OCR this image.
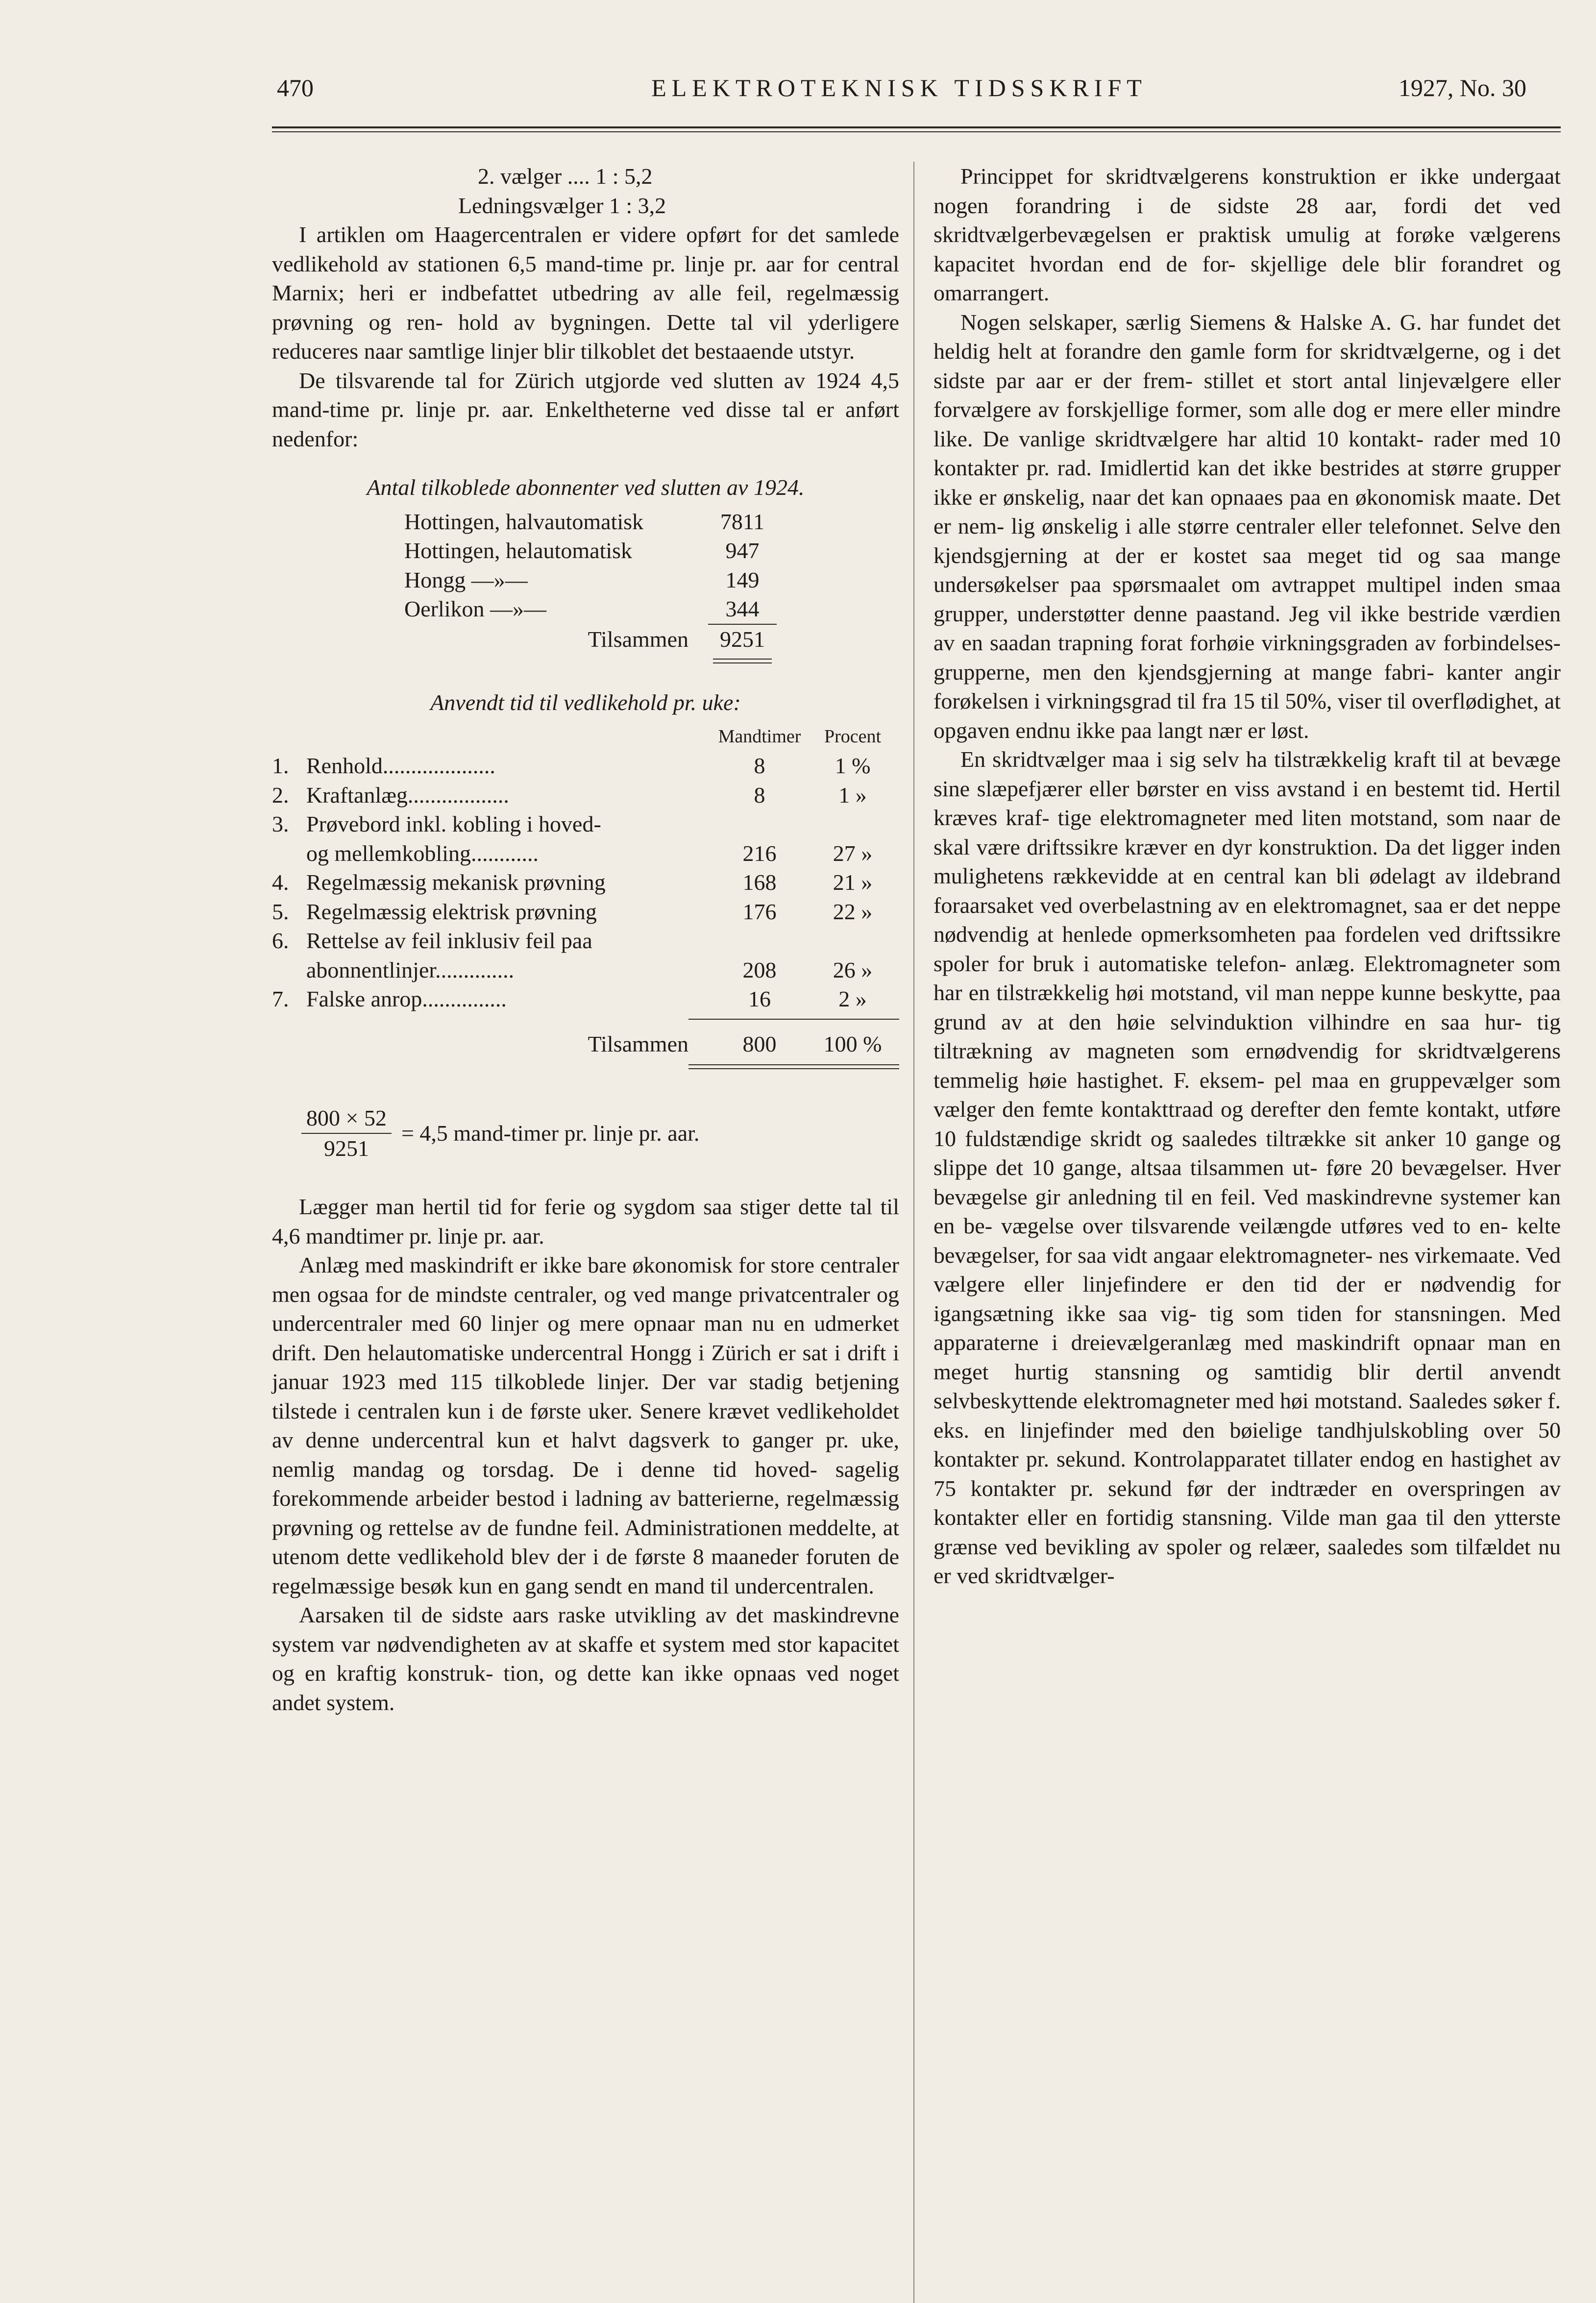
470	ELEKTROTEKNISK TIDSSKRIFT	1927, No. 30
2. vælger .... 1 : 5,2
Ledningsvælger 1 : 3,2

I artiklen om Haagercentralen er videre opført for det samlede vedlikehold av stationen 6,5 mand-time pr. linje pr. aar for central Marnix; heri er indbefattet utbedring av alle feil, regelmæssig prøvning og ren- hold av bygningen. Dette tal vil yderligere reduceres naar samtlige linjer blir tilkoblet det bestaaende utstyr.

De tilsvarende tal for Zürich utgjorde ved slutten av 1924 4,5 mand-time pr. linje pr. aar. Enkeltheterne ved disse tal er anført nedenfor:

Antal tilkoblede abonnenter ved slutten av 1924.
Hottingen, halvautomatisk	7811
Hottingen, helautomatisk	947
Hongg —»—	149
Oerlikon —»—	344
Tilsammen	9251
Anvendt tid til vedlikehold pr. uke:
Mandtimer	Procent
1. Renhold....................	8	1 %
2. Kraftanlæg..................	8	1 »
3. Prøvebord inkl. kobling i hoved-
og mellemkobling............	216	27 »
4. Regelmæssig mekanisk prøvning	168	21 »
5. Regelmæssig elektrisk prøvning	176	22 »
6. Rettelse av feil inklusiv feil paa
abonnentlinjer..............	208	26 »
7. Falske anrop...............	16	2 »
Tilsammen	800	100 %
$\frac{800 \times 52}{9251} = 4,5$ mand-timer pr. linje pr. aar.

Lægger man hertil tid for ferie og sygdom saa stiger dette tal til 4,6 mandtimer pr. linje pr. aar.

Anlæg med maskindrift er ikke bare økonomisk for store centraler men ogsaa for de mindste centraler, og ved mange privatcentraler og undercentraler med 60 linjer og mere opnaar man nu en udmerket drift. Den helautomatiske undercentral Hongg i Zürich er sat i drift i januar 1923 med 115 tilkoblede linjer. Der var stadig betjening tilstede i centralen kun i de første uker. Senere krævet vedlikeholdet av denne undercentral kun et halvt dagsverk to ganger pr. uke, nemlig mandag og torsdag. De i denne tid hoved- sagelig forekommende arbeider bestod i ladning av batterierne, regelmæssig prøvning og rettelse av de fundne feil. Administrationen meddelte, at utenom dette vedlikehold blev der i de første 8 maaneder foruten de regelmæssige besøk kun en gang sendt en mand til undercentralen.

Aarsaken til de sidste aars raske utvikling av det maskindrevne system var nødvendigheten av at skaffe et system med stor kapacitet og en kraftig konstruk- tion, og dette kan ikke opnaas ved noget andet system.

Princippet for skridtvælgerens konstruktion er ikke undergaat nogen forandring i de sidste 28 aar, fordi det ved skridtvælgerbevægelsen er praktisk umulig at forøke vælgerens kapacitet hvordan end de for- skjellige dele blir forandret og omarrangert.

Nogen selskaper, særlig Siemens & Halske A. G. har fundet det heldig helt at forandre den gamle form for skridtvælgerne, og i det sidste par aar er der frem- stillet et stort antal linjevælgere eller forvælgere av forskjellige former, som alle dog er mere eller mindre like. De vanlige skridtvælgere har altid 10 kontakt- rader med 10 kontakter pr. rad. Imidlertid kan det ikke bestrides at større grupper ikke er ønskelig, naar det kan opnaaes paa en økonomisk maate. Det er nem- lig ønskelig i alle større centraler eller telefonnet. Selve den kjendsgjerning at der er kostet saa meget tid og saa mange undersøkelser paa spørsmaalet om avtrappet multipel inden smaa grupper, understøtter denne paastand. Jeg vil ikke bestride værdien av en saadan trapning forat forhøie virkningsgraden av forbindelses- grupperne, men den kjendsgjerning at mange fabri- kanter angir forøkelsen i virkningsgrad til fra 15 til 50%, viser til overflødighet, at opgaven endnu ikke paa langt nær er løst.

En skridtvælger maa i sig selv ha tilstrækkelig kraft til at bevæge sine slæpefjærer eller børster en viss avstand i en bestemt tid. Hertil kræves kraf- tige elektromagneter med liten motstand, som naar de skal være driftssikre kræver en dyr konstruktion. Da det ligger inden mulighetens rækkevidde at en central kan bli ødelagt av ildebrand foraarsaket ved overbelastning av en elektromagnet, saa er det neppe nødvendig at henlede opmerksomheten paa fordelen ved driftssikre spoler for bruk i automatiske telefon- anlæg. Elektromagneter som har en tilstrækkelig høi motstand, vil man neppe kunne beskytte, paa grund av at den høie selvinduktion vilhindre en saa hur- tig tiltrækning av magneten som ernødvendig for skridtvælgerens temmelig høie hastighet. F. eksem- pel maa en gruppevælger som vælger den femte kontakttraad og derefter den femte kontakt, utføre 10 fuldstændige skridt og saaledes tiltrække sit anker 10 gange og slippe det 10 gange, altsaa tilsammen ut- føre 20 bevægelser. Hver bevægelse gir anledning til en feil. Ved maskindrevne systemer kan en be- vægelse over tilsvarende veilængde utføres ved to en- kelte bevægelser, for saa vidt angaar elektromagneter- nes virkemaate. Ved vælgere eller linjefindere er den tid der er nødvendig for igangsætning ikke saa vig- tig som tiden for stansningen. Med apparaterne i dreievælgeranlæg med maskindrift opnaar man en meget hurtig stansning og samtidig blir dertil anvendt selvbeskyttende elektromagneter med høi motstand. Saaledes søker f. eks. en linjefinder med den bøielige tandhjulskobling over 50 kontakter pr. sekund. Kontrolapparatet tillater endog en hastighet av 75 kontakter pr. sekund før der indtræder en overspringen av kontakter eller en fortidig stansning. Vilde man gaa til den ytterste grænse ved bevikling av spoler og relæer, saaledes som tilfældet nu er ved skridtvælger-
